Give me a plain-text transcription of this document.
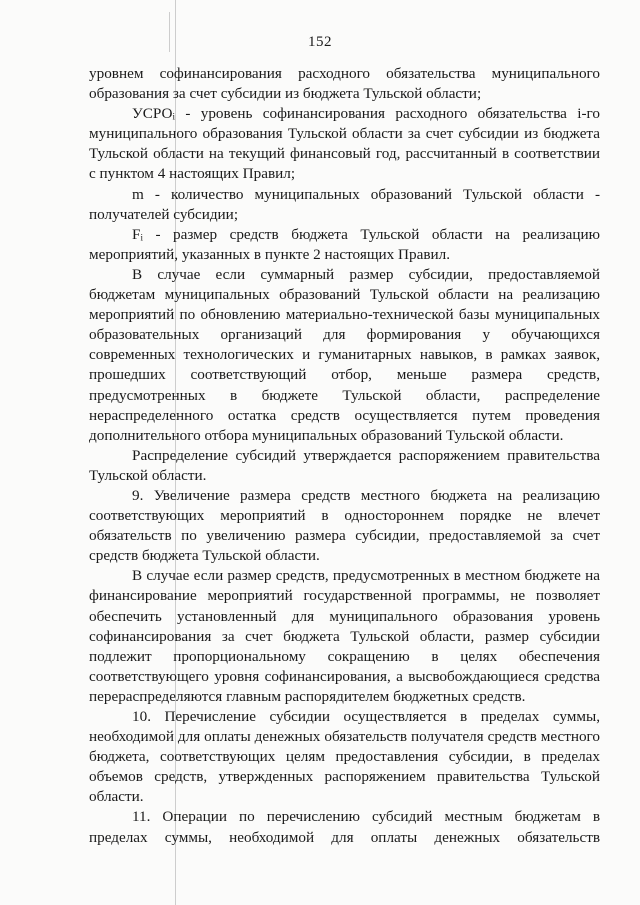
152

уровнем софинансирования расходного обязательства муниципального образования за счет субсидии из бюджета Тульской области;

УСРОᵢ - уровень софинансирования расходного обязательства i-го муниципального образования Тульской области за счет субсидии из бюджета Тульской области на текущий финансовый год, рассчитанный в соответствии с пунктом 4 настоящих Правил;

m - количество муниципальных образований Тульской области - получателей субсидии;

Fᵢ - размер средств бюджета Тульской области на реализацию мероприятий, указанных в пункте 2 настоящих Правил.

В случае если суммарный размер субсидии, предоставляемой бюджетам муниципальных образований Тульской области на реализацию мероприятий по обновлению материально-технической базы муниципальных образовательных организаций для формирования у обучающихся современных технологических и гуманитарных навыков, в рамках заявок, прошедших соответствующий отбор, меньше размера средств, предусмотренных в бюджете Тульской области, распределение нераспределенного остатка средств осуществляется путем проведения дополнительного отбора муниципальных образований Тульской области.

Распределение субсидий утверждается распоряжением правительства Тульской области.

9. Увеличение размера средств местного бюджета на реализацию соответствующих мероприятий в одностороннем порядке не влечет обязательств по увеличению размера субсидии, предоставляемой за счет средств бюджета Тульской области.

В случае если размер средств, предусмотренных в местном бюджете на финансирование мероприятий государственной программы, не позволяет обеспечить установленный для муниципального образования уровень софинансирования за счет бюджета Тульской области, размер субсидии подлежит пропорциональному сокращению в целях обеспечения соответствующего уровня софинансирования, а высвобождающиеся средства перераспределяются главным распорядителем бюджетных средств.

10. Перечисление субсидии осуществляется в пределах суммы, необходимой для оплаты денежных обязательств получателя средств местного бюджета, соответствующих целям предоставления субсидии, в пределах объемов средств, утвержденных распоряжением правительства Тульской области.

11. Операции по перечислению субсидий местным бюджетам в пределах суммы, необходимой для оплаты денежных обязательств
